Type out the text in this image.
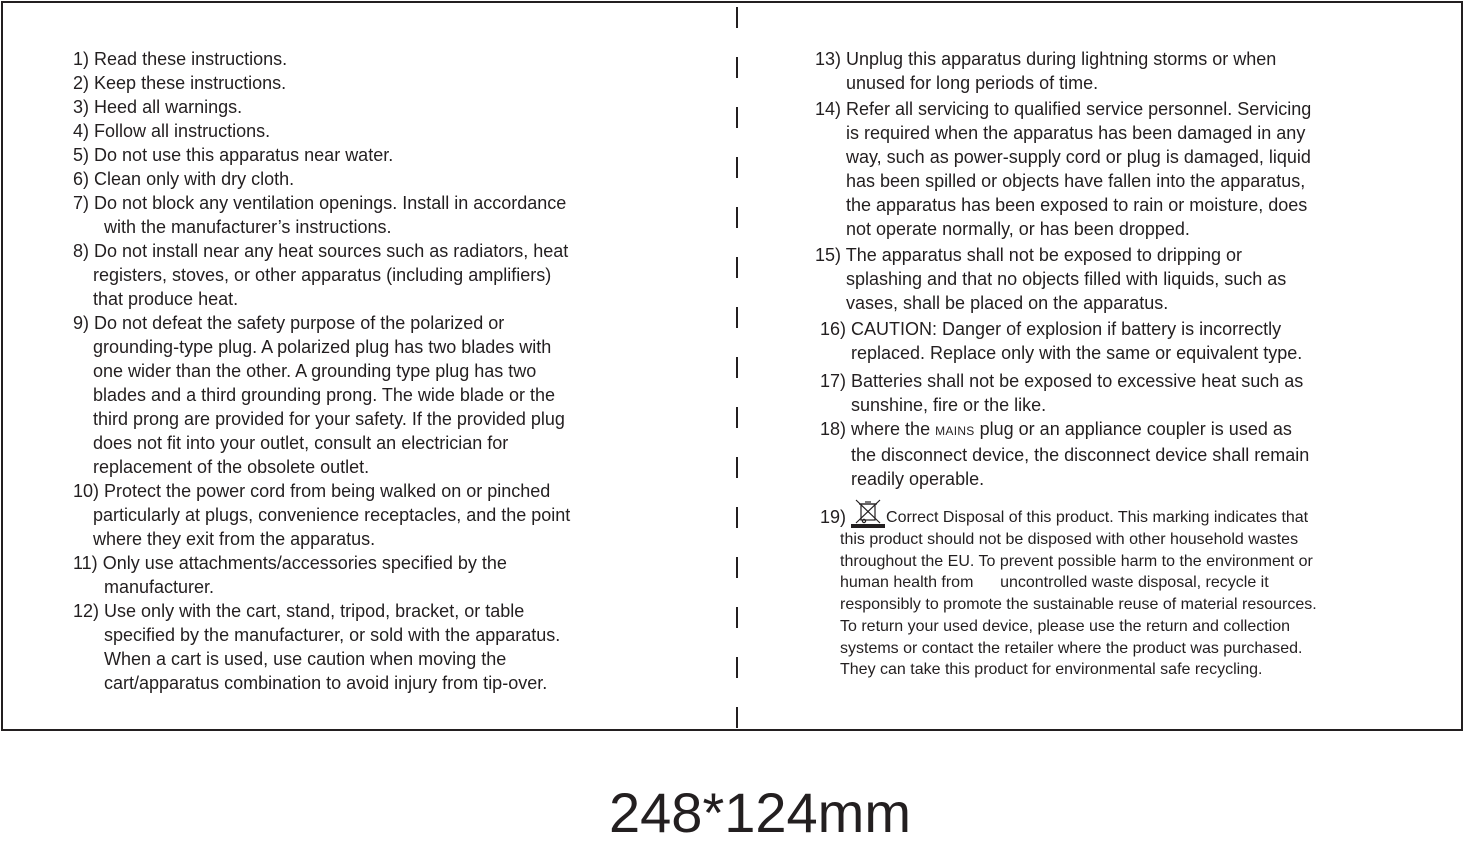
1) Read these instructions.
2) Keep these instructions.
3) Heed all warnings.
4) Follow all instructions.
5) Do not use this apparatus near water.
6) Clean only with dry cloth.
7) Do not block any ventilation openings. Install in accordance
with the manufacturer’s instructions.
8) Do not install near any heat sources such as radiators, heat
registers, stoves, or other apparatus (including amplifiers)
that produce heat.
9) Do not defeat the safety purpose of the polarized or
grounding-type plug. A polarized plug has two blades with
one wider than the other. A grounding type plug has two
blades and a third grounding prong. The wide blade or the
third prong are provided for your safety. If the provided plug
does not fit into your outlet, consult an electrician for
replacement of the obsolete outlet.
10) Protect the power cord from being walked on or pinched
particularly at plugs, convenience receptacles, and the point
where they exit from the apparatus.
11) Only use attachments/accessories specified by the
manufacturer.
12) Use only with the cart, stand, tripod, bracket, or table
specified by the manufacturer, or sold with the apparatus.
When a cart is used, use caution when moving the
cart/apparatus combination to avoid injury from tip-over.
13) Unplug this apparatus during lightning storms or when
unused for long periods of time.
14) Refer all servicing to qualified service personnel. Servicing
is required when the apparatus has been damaged in any
way, such as power-supply cord or plug is damaged, liquid
has been spilled or objects have fallen into the apparatus,
the apparatus has been exposed to rain or moisture, does
not operate normally, or has been dropped.
15) The apparatus shall not be exposed to dripping or
splashing and that no objects filled with liquids, such as
vases, shall be placed on the apparatus.
16) CAUTION: Danger of explosion if battery is incorrectly
replaced. Replace only with the same or equivalent type.
17) Batteries shall not be exposed to excessive heat such as
sunshine, fire or the like.
18) where the MAINS plug or an appliance coupler is used as
the disconnect device, the disconnect device shall remain
readily operable.
19)	Correct Disposal of this product. This marking indicates that
this product should not be disposed with other household wastes
throughout the EU. To prevent possible harm to the environment or
human health from      uncontrolled waste disposal, recycle it
responsibly to promote the sustainable reuse of material resources.
To return your used device, please use the return and collection
systems or contact the retailer where the product was purchased.
They can take this product for environmental safe recycling.
248*124mm
